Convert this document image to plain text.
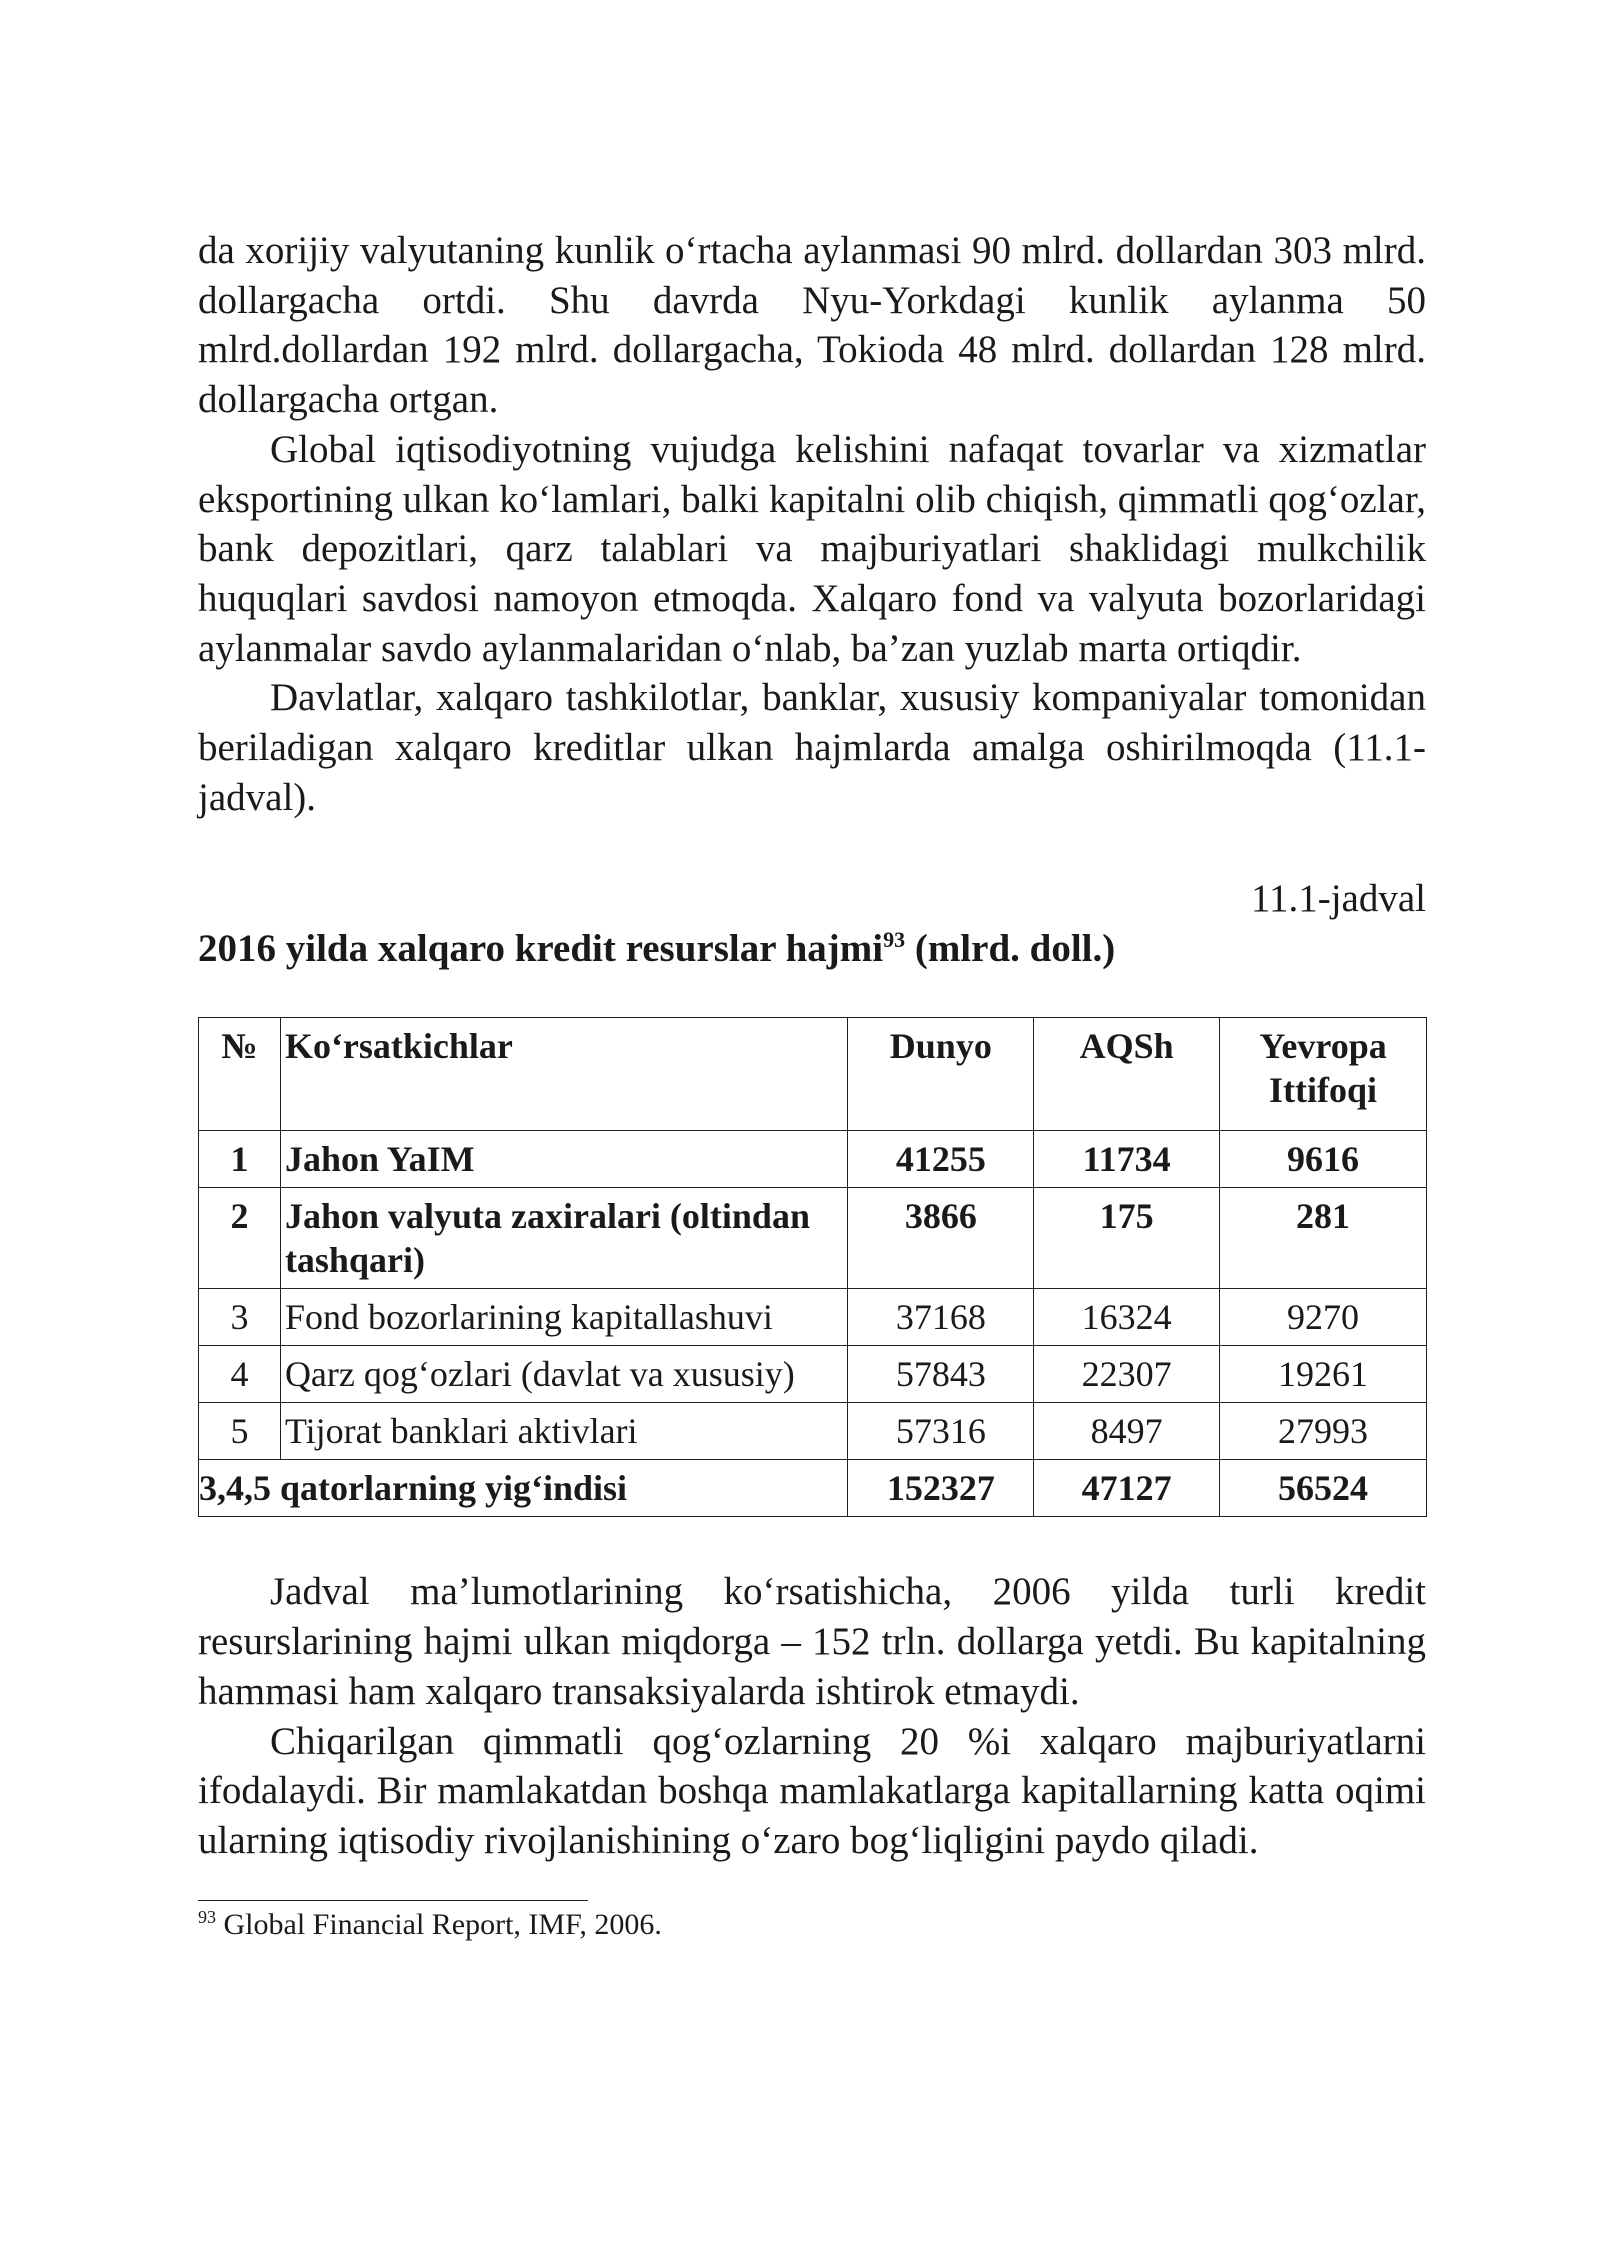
da xorijiy valyutaning kunlik o‘rtacha aylanmasi 90 mlrd. dollardan 303 mlrd. dollargacha ortdi. Shu davrda Nyu-Yorkdagi kunlik aylanma 50 mlrd.dollardan 192 mlrd. dollargacha, Tokioda 48 mlrd. dollardan 128 mlrd. dollargacha ortgan.

Global iqtisodiyotning vujudga kelishini nafaqat tovarlar va xizmatlar eksportining ulkan ko‘lamlari, balki kapitalni olib chiqish, qimmatli qog‘ozlar, bank depozitlari, qarz talablari va majburiyatlari shaklidagi mulkchilik huquqlari savdosi namoyon etmoqda. Xalqaro fond va valyuta bozorlaridagi aylanmalar savdo aylanmalaridan o‘nlab, ba’zan yuzlab marta ortiqdir.

Davlatlar, xalqaro tashkilotlar, banklar, xususiy kompaniyalar tomonidan beriladigan xalqaro kreditlar ulkan hajmlarda amalga oshirilmoqda (11.1-jadval).

11.1-jadval
2016 yilda xalqaro kredit resurslar hajmi$^{93}$ (mlrd. doll.)
№	Ko‘rsatkichlar	Dunyo	AQSh	Yevropa Ittifoqi
1	Jahon YaIM	41255	11734	9616
2	Jahon valyuta zaxiralari (oltindan tashqari)	3866	175	281
3	Fond bozorlarining kapitallashuvi	37168	16324	9270
4	Qarz qog‘ozlari (davlat va xususiy)	57843	22307	19261
5	Tijorat banklari aktivlari	57316	8497	27993
3,4,5 qatorlarning yig‘indisi		152327	47127	56524

Jadval ma’lumotlarining ko‘rsatishicha, 2006 yilda turli kredit resurslarining hajmi ulkan miqdorga – 152 trln. dollarga yetdi. Bu kapitalning hammasi ham xalqaro transaksiyalarda ishtirok etmaydi.

Chiqarilgan qimmatli qog‘ozlarning 20 %i xalqaro majburiyatlarni ifodalaydi. Bir mamlakatdan boshqa mamlakatlarga kapitallarning katta oqimi ularning iqtisodiy rivojlanishining o‘zaro bog‘liqligini paydo qiladi.

$^{93}$ Global Financial Report, IMF, 2006.
